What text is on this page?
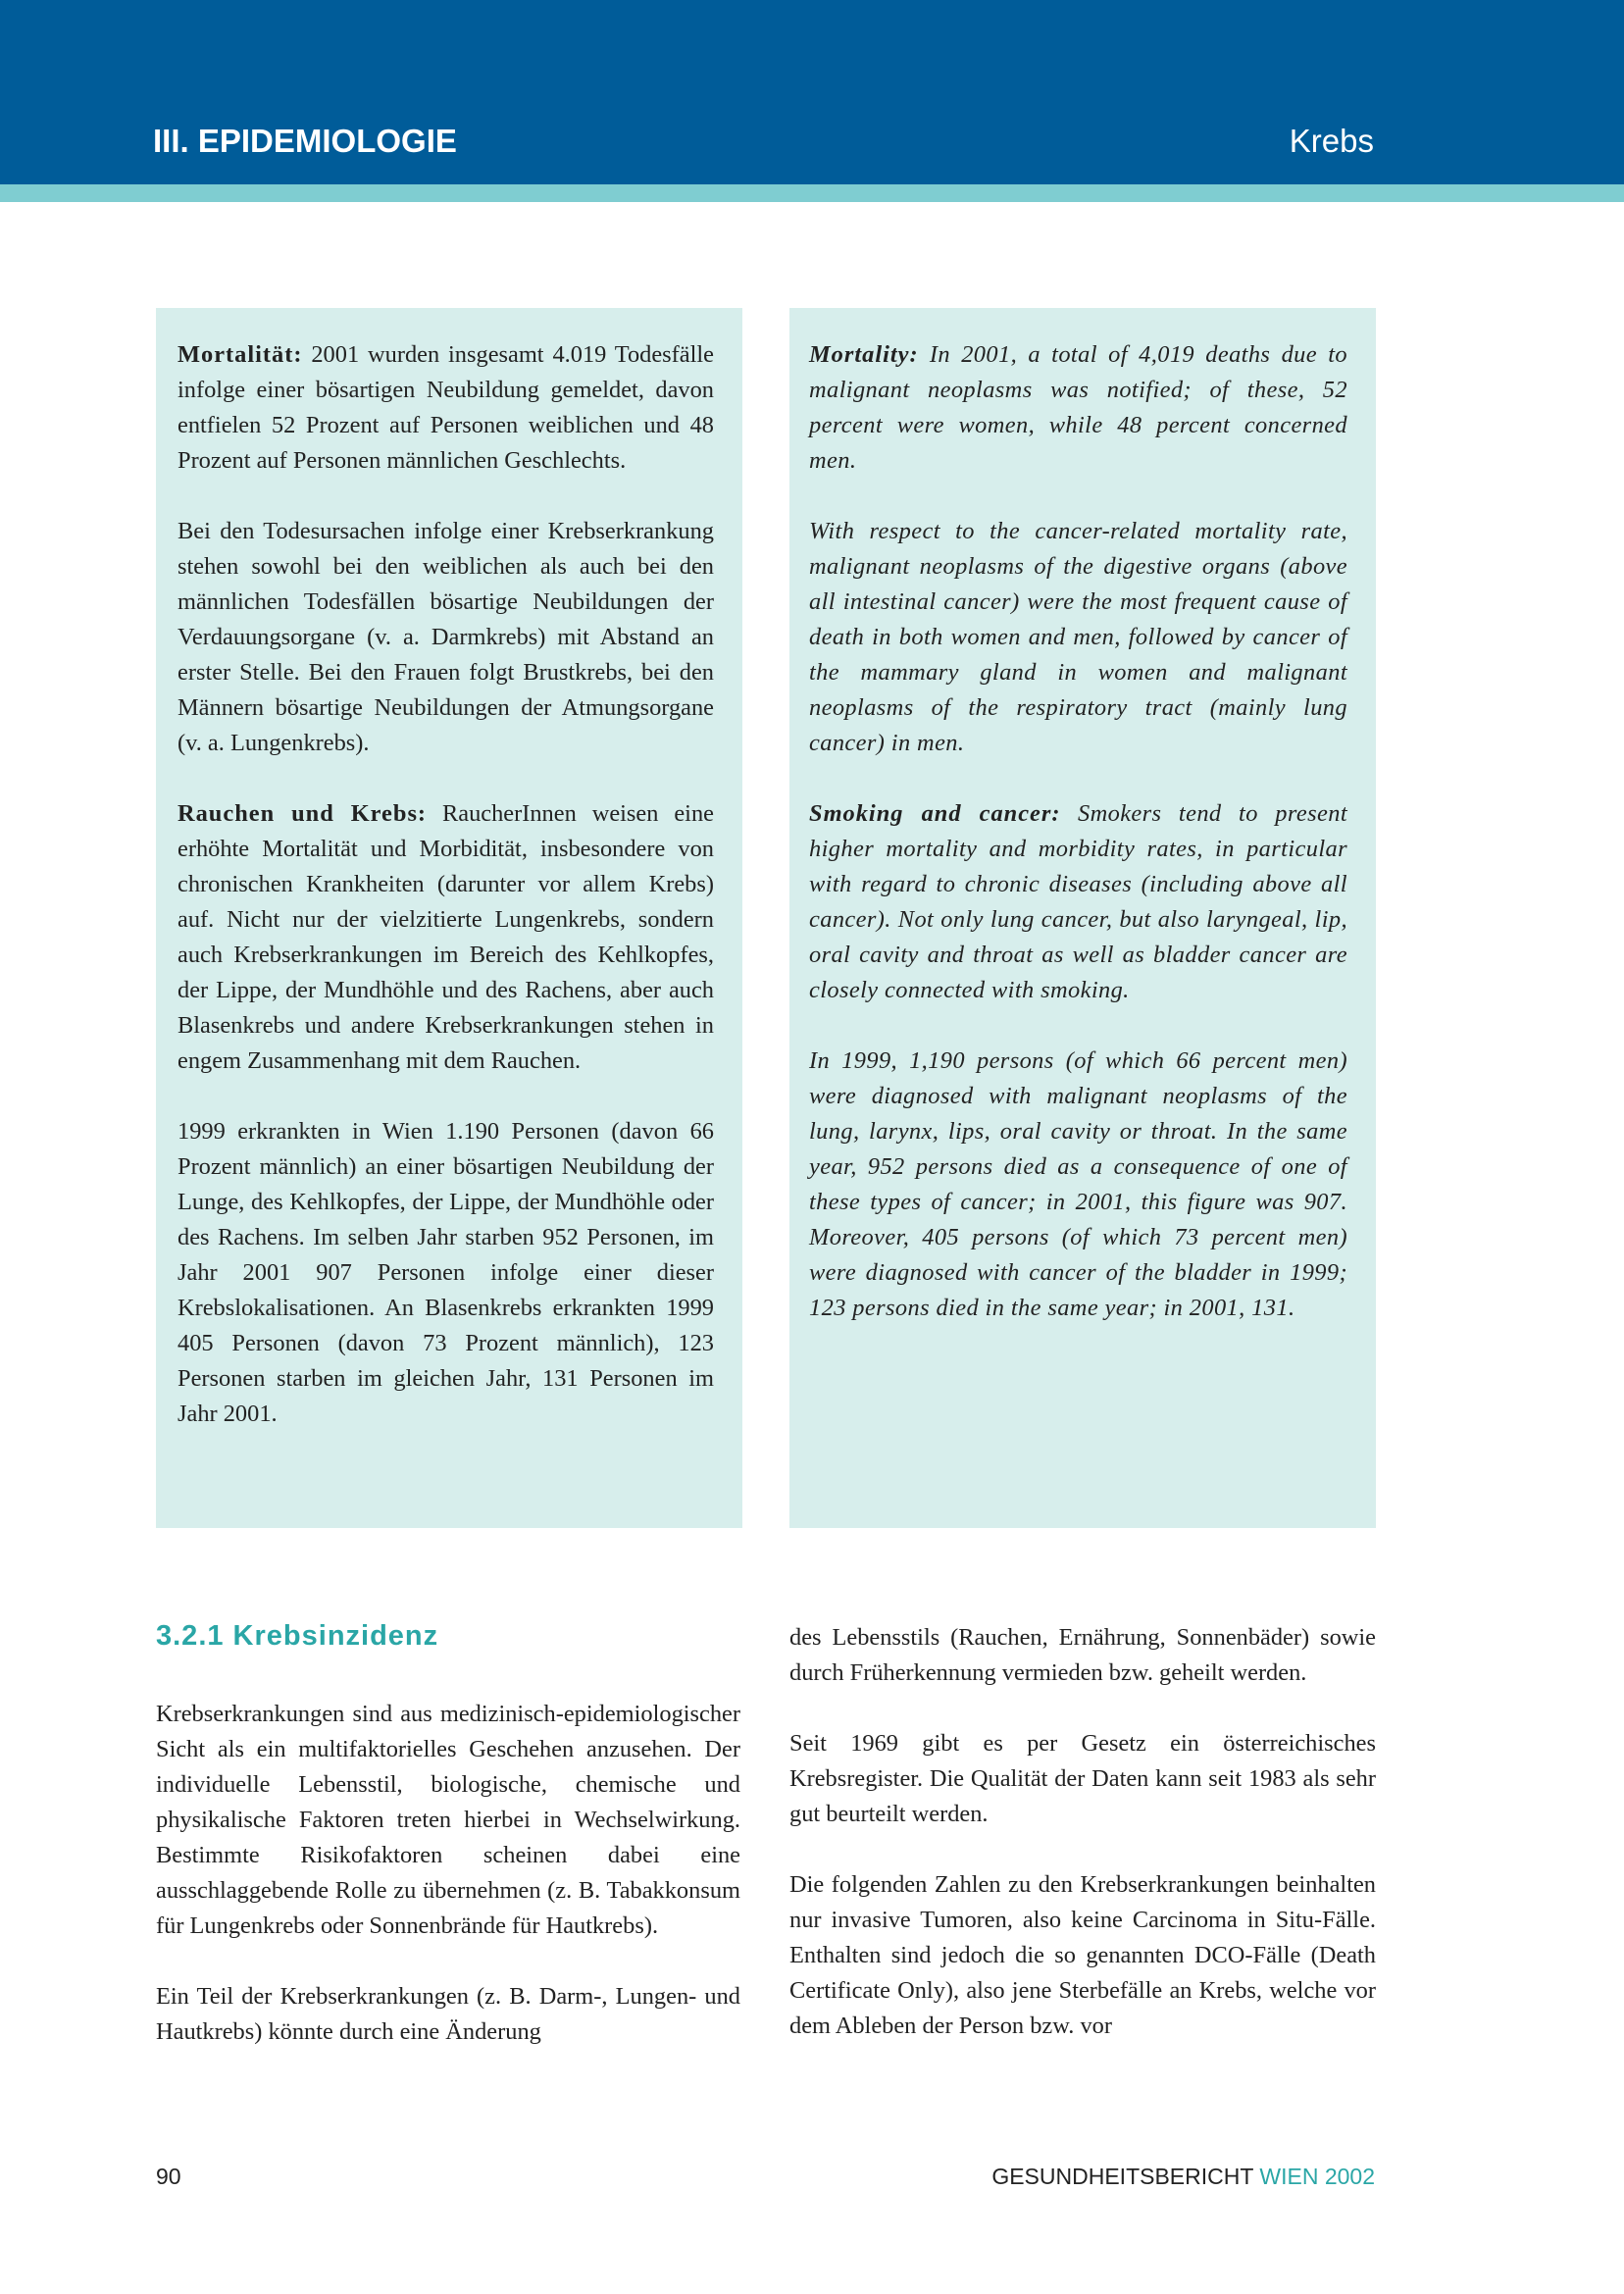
III. EPIDEMIOLOGIE	Krebs

Mortalität: 2001 wurden insgesamt 4.019 Todesfälle infolge einer bösartigen Neubildung gemeldet, davon entfielen 52 Prozent auf Personen weiblichen und 48 Prozent auf Personen männlichen Geschlechts.

Bei den Todesursachen infolge einer Krebserkrankung stehen sowohl bei den weiblichen als auch bei den männlichen Todesfällen bösartige Neubildungen der Verdauungsorgane (v. a. Darmkrebs) mit Abstand an erster Stelle. Bei den Frauen folgt Brustkrebs, bei den Männern bösartige Neubildungen der Atmungsorgane (v. a. Lungenkrebs).

Rauchen und Krebs: RaucherInnen weisen eine erhöhte Mortalität und Morbidität, insbesondere von chronischen Krankheiten (darunter vor allem Krebs) auf. Nicht nur der vielzitierte Lungenkrebs, sondern auch Krebserkrankungen im Bereich des Kehlkopfes, der Lippe, der Mundhöhle und des Rachens, aber auch Blasenkrebs und andere Krebserkrankungen stehen in engem Zusammenhang mit dem Rauchen.

1999 erkrankten in Wien 1.190 Personen (davon 66 Prozent männlich) an einer bösartigen Neubildung der Lunge, des Kehlkopfes, der Lippe, der Mundhöhle oder des Rachens. Im selben Jahr starben 952 Personen, im Jahr 2001 907 Personen infolge einer dieser Krebslokalisationen. An Blasenkrebs erkrankten 1999 405 Personen (davon 73 Prozent männlich), 123 Personen starben im gleichen Jahr, 131 Personen im Jahr 2001.

Mortality: In 2001, a total of 4,019 deaths due to malignant neoplasms was notified; of these, 52 percent were women, while 48 percent concerned men.

With respect to the cancer-related mortality rate, malignant neoplasms of the digestive organs (above all intestinal cancer) were the most frequent cause of death in both women and men, followed by cancer of the mammary gland in women and malignant neoplasms of the respiratory tract (mainly lung cancer) in men.

Smoking and cancer: Smokers tend to present higher mortality and morbidity rates, in particular with regard to chronic diseases (including above all cancer). Not only lung cancer, but also laryngeal, lip, oral cavity and throat as well as bladder cancer are closely connected with smoking.

In 1999, 1,190 persons (of which 66 percent men) were diagnosed with malignant neoplasms of the lung, larynx, lips, oral cavity or throat. In the same year, 952 persons died as a consequence of one of these types of cancer; in 2001, this figure was 907. Moreover, 405 persons (of which 73 percent men) were diagnosed with cancer of the bladder in 1999; 123 persons died in the same year; in 2001, 131.

3.2.1 Krebsinzidenz

Krebserkrankungen sind aus medizinisch-epidemiologischer Sicht als ein multifaktorielles Geschehen anzusehen. Der individuelle Lebensstil, biologische, chemische und physikalische Faktoren treten hierbei in Wechselwirkung. Bestimmte Risikofaktoren scheinen dabei eine ausschlaggebende Rolle zu übernehmen (z. B. Tabakkonsum für Lungenkrebs oder Sonnenbrände für Hautkrebs).

Ein Teil der Krebserkrankungen (z. B. Darm-, Lungen- und Hautkrebs) könnte durch eine Änderung

des Lebensstils (Rauchen, Ernährung, Sonnenbäder) sowie durch Früherkennung vermieden bzw. geheilt werden.

Seit 1969 gibt es per Gesetz ein österreichisches Krebsregister. Die Qualität der Daten kann seit 1983 als sehr gut beurteilt werden.

Die folgenden Zahlen zu den Krebserkrankungen beinhalten nur invasive Tumoren, also keine Carcinoma in Situ-Fälle. Enthalten sind jedoch die so genannten DCO-Fälle (Death Certificate Only), also jene Sterbefälle an Krebs, welche vor dem Ableben der Person bzw. vor

90	GESUNDHEITSBERICHT WIEN 2002
